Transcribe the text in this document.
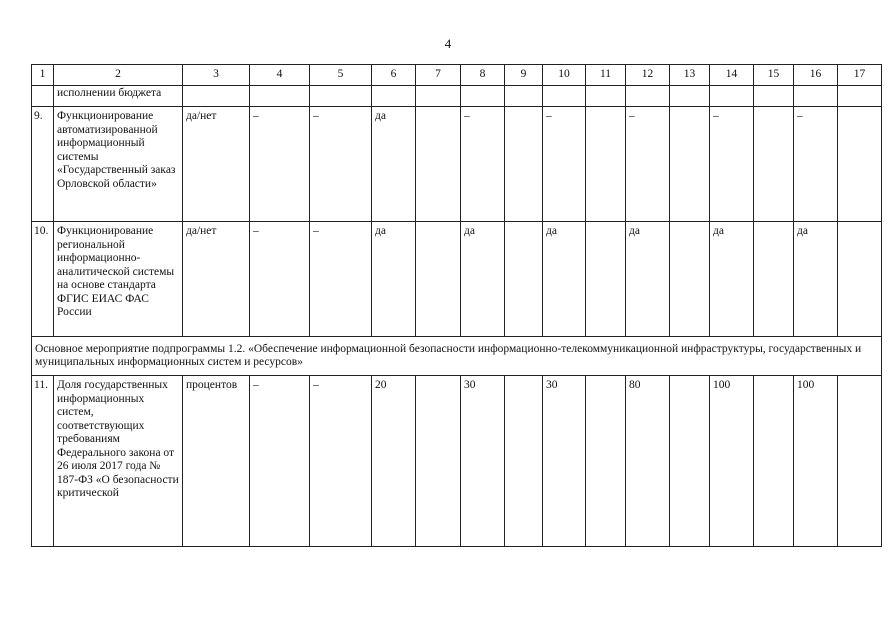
4
1	2	3	4	5	6	7	8	9	10	11	12	13	14	15	16	17
	исполнении бюджета															
9.	Функционирование автоматизированной информационный системы «Государственный заказ Орловской области»	да/нет	–	–	да		–		–		–		–		–	
10.	Функционирование региональной информационно-аналитической системы на основе стандарта ФГИС ЕИАС ФАС России	да/нет	–	–	да		да		да		да		да		да	
Основное мероприятие подпрограммы 1.2. «Обеспечение информационной безопасности информационно-телекоммуникационной инфраструктуры, государственных и муниципальных информационных систем и ресурсов»																
11.	Доля государственных информационных систем, соответствующих требованиям Федерального закона от 26 июля 2017 года № 187-ФЗ «О безопасности критической	процентов	–	–	20		30		30		80		100		100	
